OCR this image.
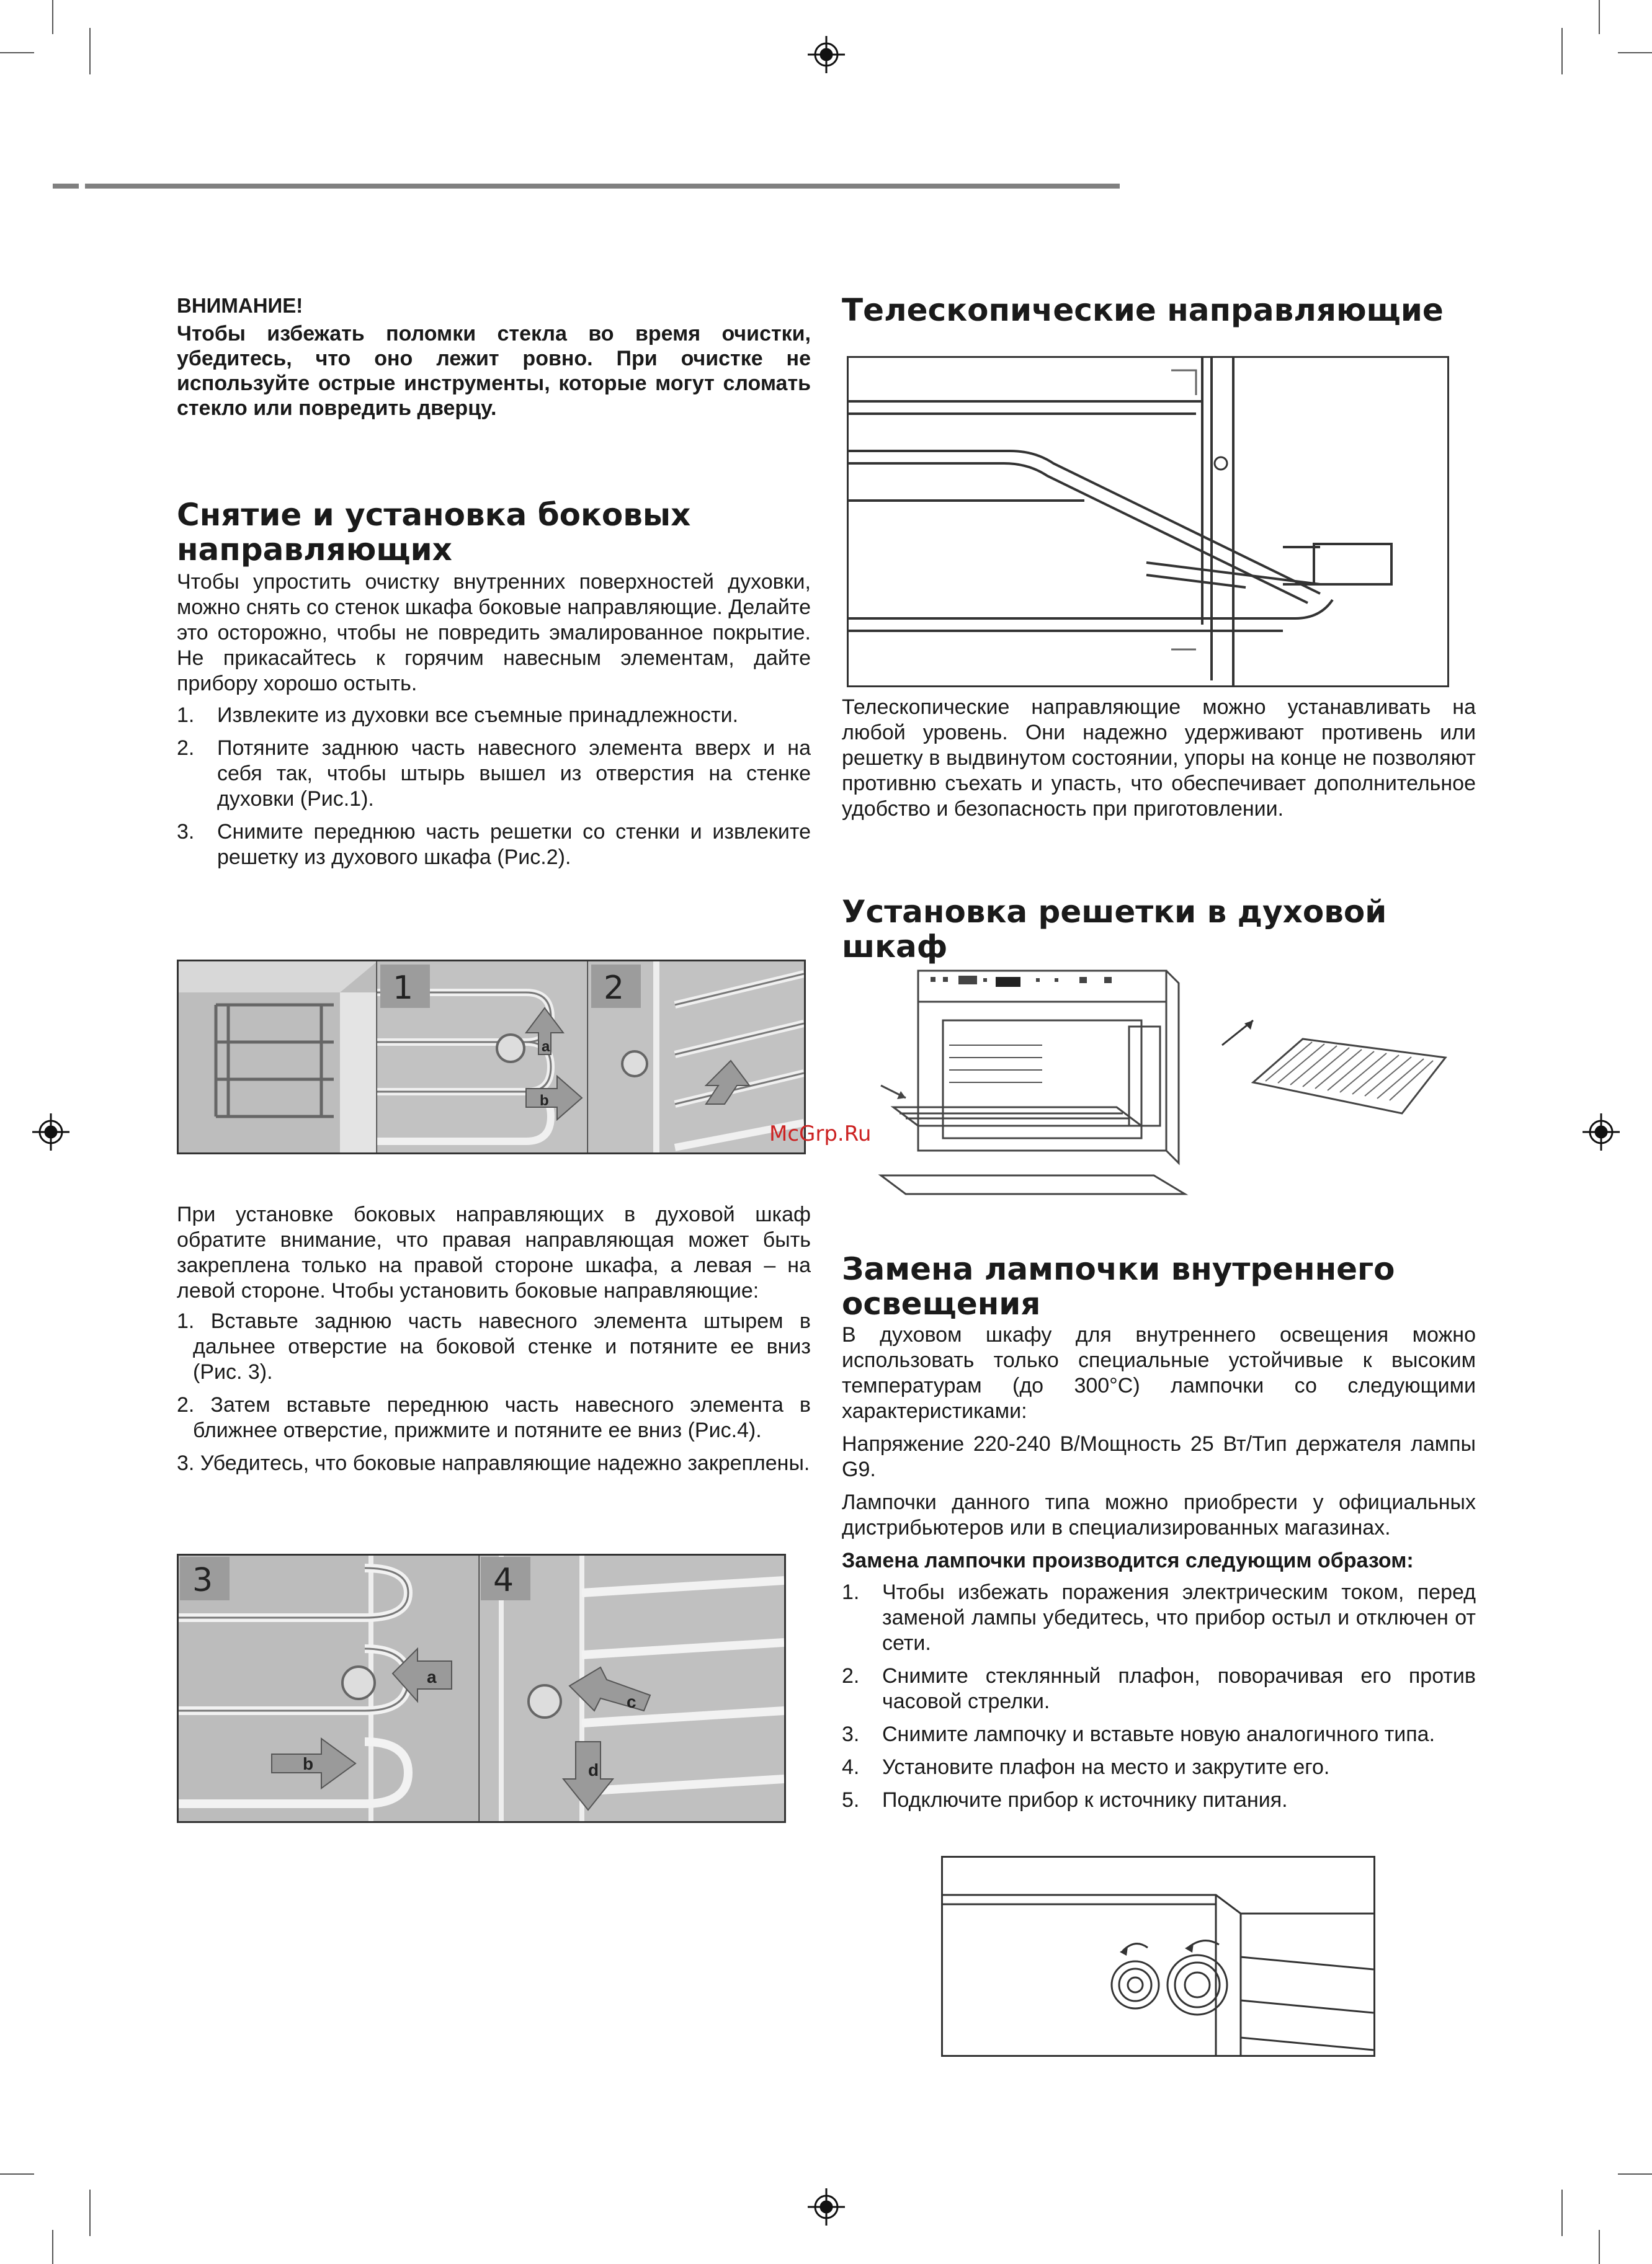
ВНИМАНИЕ!

Чтобы избежать поломки стекла во время очистки, убедитесь, что оно лежит ровно. При очистке не используйте острые инструменты, которые могут сломать стекло или повредить дверцу.

Снятие и установка боковых направляющих

Чтобы упростить очистку внутренних поверхностей духовки, можно снять со стенок шкафа боковые направляющие. Делайте это осторожно, чтобы не повредить эмалированное покрытие. Не прикасайтесь к горячим навесным элементам, дайте прибору хорошо остыть.

1.	Извлеките из духовки все съемные принадлежности.
2.	Потяните заднюю часть навесного элемента вверх и на себя так, чтобы штырь вышел из отверстия на стенке духовки (Рис.1).
3.	Снимите переднюю часть решетки со стенки и извлеките решетку из духового шкафа (Рис.2).
a
b
1	2

При установке боковых направляющих в духовой шкаф обратите внимание, что правая направляющая может быть закреплена только на правой стороне шкафа, а левая – на левой стороне. Чтобы установить боковые направляющие:

1. Вставьте заднюю часть навесного элемента штырем в дальнее отверстие на боковой стенке и потяните ее вниз (Рис. 3).
2. Затем вставьте переднюю часть навесного элемента в ближнее отверстие, прижмите и потяните ее вниз (Рис.4).
3. Убедитесь, что боковые направляющие надежно закреплены.
a
b
3
c
d
4
Телескопические направляющие

Телескопические направляющие можно устанавливать на любой уровень. Они надежно удерживают противень или решетку в выдвинутом состоянии, упоры на конце не позволяют противню съехать и упасть, что обеспечивает дополнительное удобство и безопасность при приготовлении.

Установка решетки в духовой шкаф
McGrp.Ru
Замена лампочки внутреннего освещения

В духовом шкафу для внутреннего освещения можно использовать только специальные устойчивые к высоким температурам (до 300°С) лампочки со следующими характеристиками:

Напряжение 220-240 В/Мощность 25 Вт/Тип держателя лампы G9.

Лампочки данного типа можно приобрести у официальных дистрибьютеров или в специализированных магазинах.

Замена лампочки производится следующим образом:

1.	Чтобы избежать поражения электрическим током, перед заменой лампы убедитесь, что прибор остыл и отключен от сети.
2.	Снимите стеклянный плафон, поворачивая его против часовой стрелки.
3.	Снимите лампочку и вставьте новую аналогичного типа.
4.	Установите плафон на место и закрутите его.
5.	Подключите прибор к источнику питания.
